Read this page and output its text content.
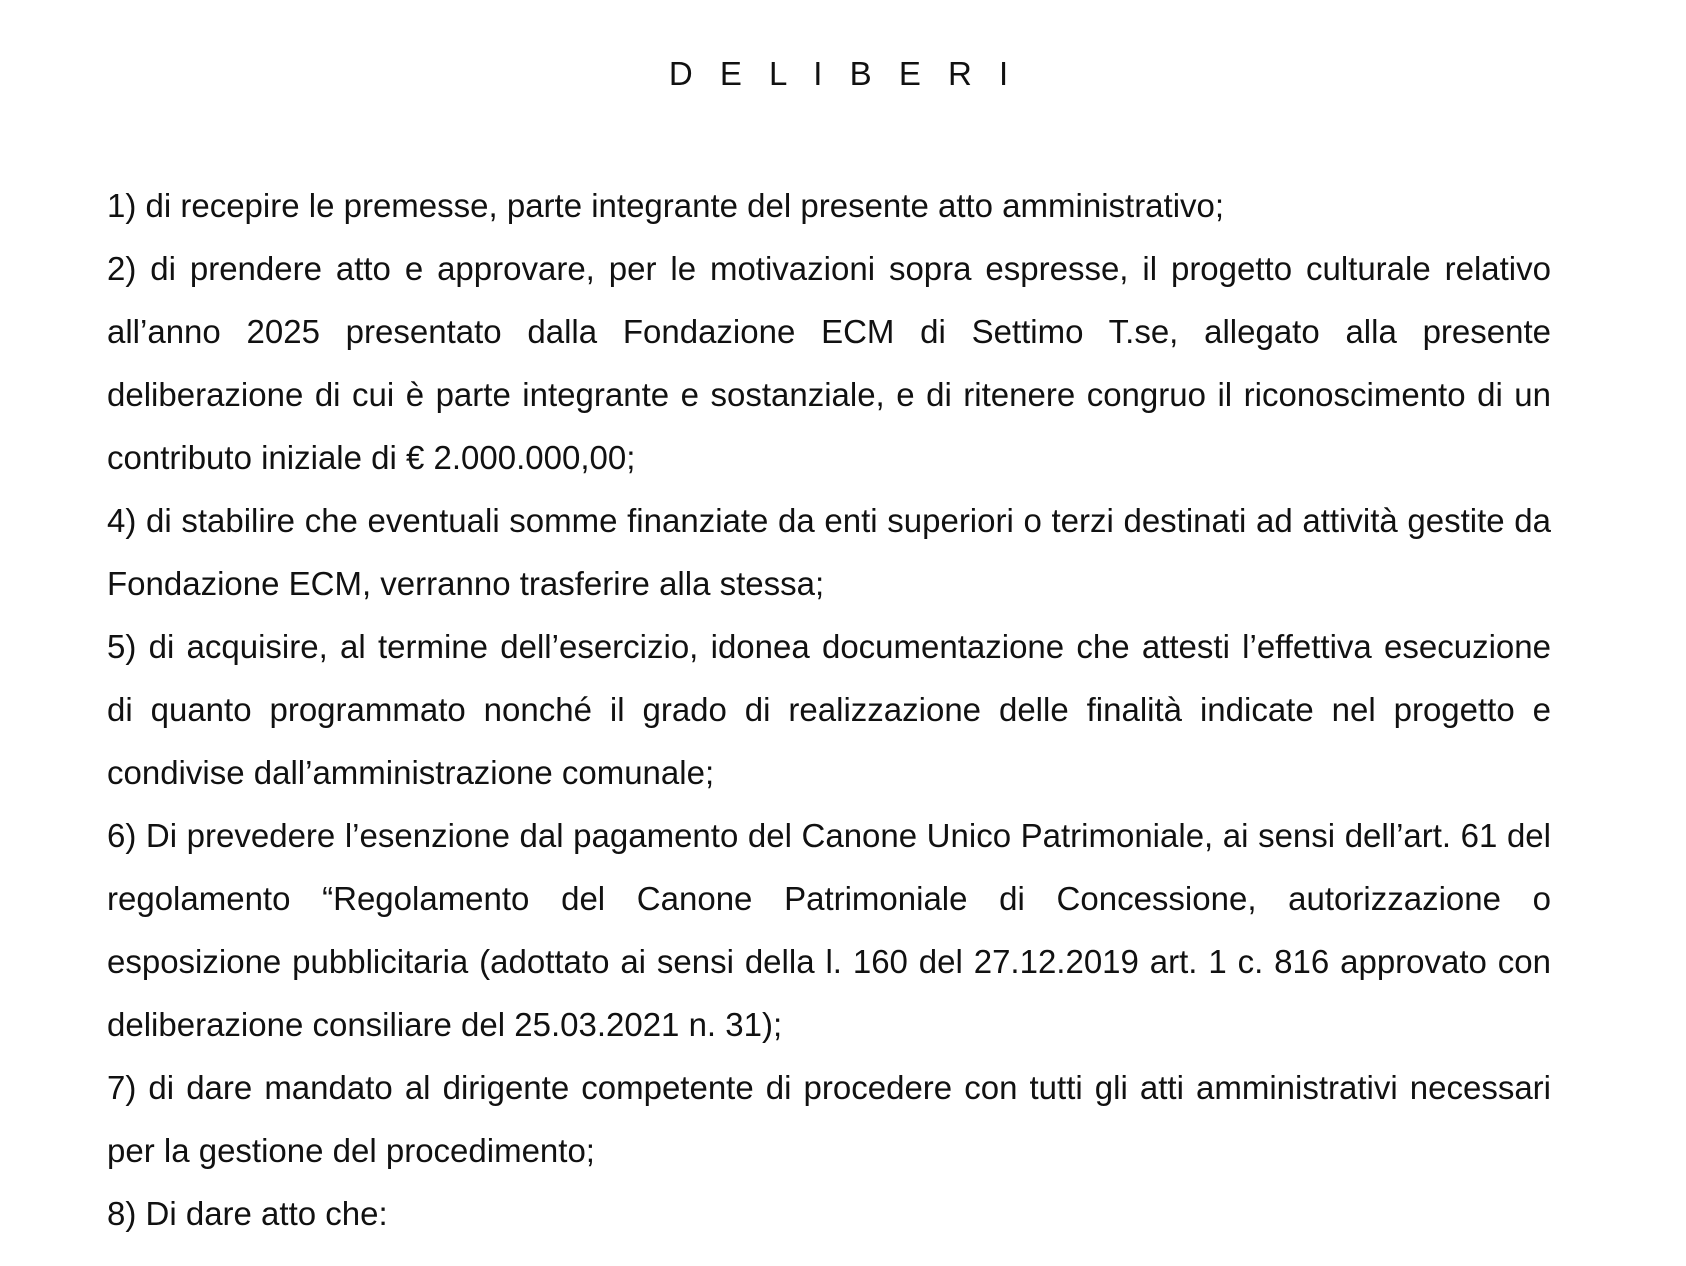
D E L I B E R I

1) di recepire le premesse, parte integrante del presente atto amministrativo;

2) di prendere atto e approvare, per le motivazioni sopra espresse, il progetto culturale relativo all’anno 2025 presentato dalla Fondazione ECM di Settimo T.se, allegato alla presente deliberazione di cui è parte integrante e sostanziale, e di ritenere congruo il riconoscimento di un contributo iniziale di € 2.000.000,00;

4) di stabilire che eventuali somme finanziate da enti superiori o terzi destinati ad attività gestite da Fondazione ECM, verranno trasferire alla stessa;

5) di acquisire, al termine dell’esercizio, idonea documentazione che attesti l’effettiva esecuzione di quanto programmato nonché il grado di realizzazione delle finalità indicate nel progetto e condivise dall’amministrazione comunale;

6) Di prevedere l’esenzione dal pagamento del Canone Unico Patrimoniale, ai sensi dell’art. 61 del regolamento “Regolamento del Canone Patrimoniale di Concessione, autorizzazione o esposizione pubblicitaria (adottato ai sensi della l. 160 del 27.12.2019 art. 1 c. 816 approvato con deliberazione consiliare del 25.03.2021 n. 31);

7) di dare mandato al dirigente competente di procedere con tutti gli atti amministrativi necessari per la gestione del procedimento;

8) Di dare atto che:
